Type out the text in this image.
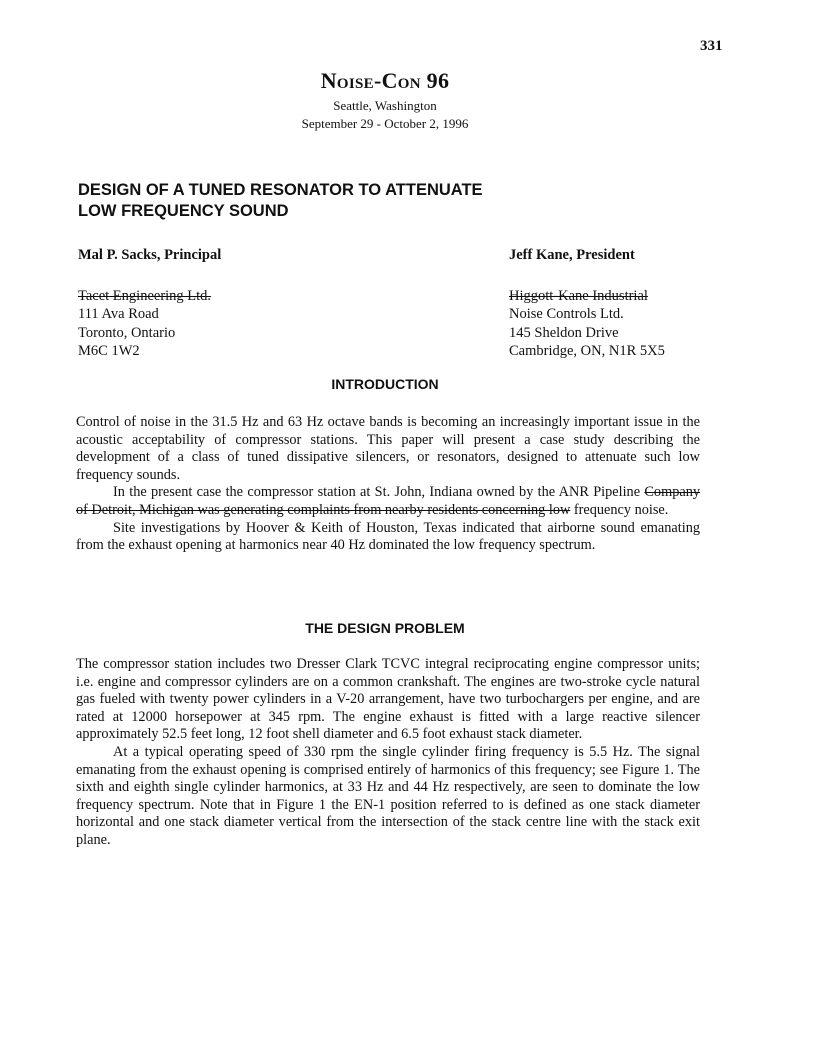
331
Noise-Con 96
Seattle, Washington
September 29 - October 2, 1996
DESIGN OF A TUNED RESONATOR TO ATTENUATE
LOW FREQUENCY SOUND
Mal P. Sacks, Principal
Tacet Engineering Ltd.
111 Ava Road
Toronto, Ontario
M6C 1W2
Jeff Kane, President
Higgott-Kane Industrial
Noise Controls Ltd.
145 Sheldon Drive
Cambridge, ON, N1R 5X5
INTRODUCTION

Control of noise in the 31.5 Hz and 63 Hz octave bands is becoming an increasingly important issue in the acoustic acceptability of compressor stations. This paper will present a case study describing the development of a class of tuned dissipative silencers, or resonators, designed to attenuate such low frequency sounds.

In the present case the compressor station at St. John, Indiana owned by the ANR Pipeline Company of Detroit, Michigan was generating complaints from nearby residents concerning low frequency noise.

Site investigations by Hoover & Keith of Houston, Texas indicated that airborne sound emanating from the exhaust opening at harmonics near 40 Hz dominated the low frequency spectrum.

THE DESIGN PROBLEM

The compressor station includes two Dresser Clark TCVC integral reciprocating engine compressor units; i.e. engine and compressor cylinders are on a common crankshaft. The engines are two-stroke cycle natural gas fueled with twenty power cylinders in a V-20 arrangement, have two turbochargers per engine, and are rated at 12000 horsepower at 345 rpm. The engine exhaust is fitted with a large reactive silencer approximately 52.5 feet long, 12 foot shell diameter and 6.5 foot exhaust stack diameter.

At a typical operating speed of 330 rpm the single cylinder firing frequency is 5.5 Hz. The signal emanating from the exhaust opening is comprised entirely of harmonics of this frequency; see Figure 1. The sixth and eighth single cylinder harmonics, at 33 Hz and 44 Hz respectively, are seen to dominate the low frequency spectrum. Note that in Figure 1 the EN-1 position referred to is defined as one stack diameter horizontal and one stack diameter vertical from the intersection of the stack centre line with the stack exit plane.
